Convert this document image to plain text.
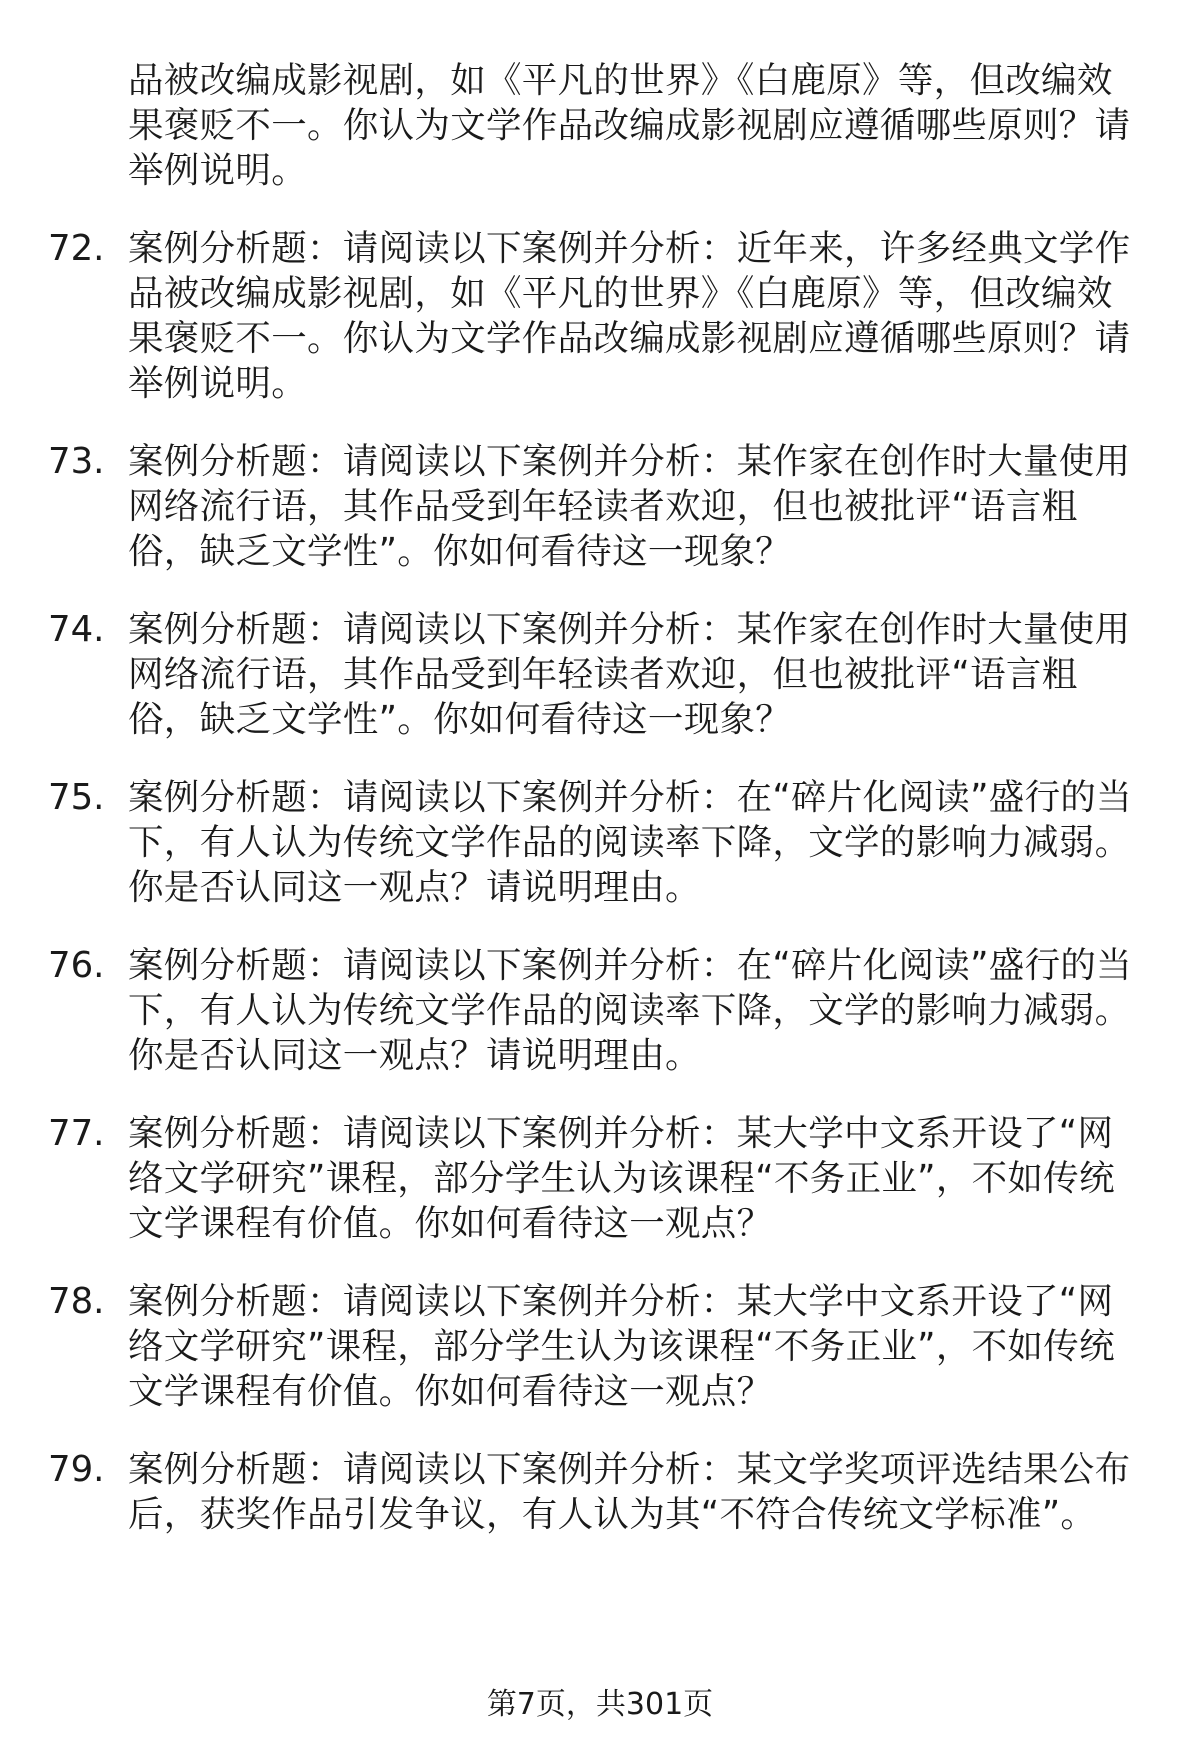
品被改编成影视剧，如《平凡的世界》《白鹿原》等，但改编效果褒贬不一。你认为文学作品改编成影视剧应遵循哪些原则？请举例说明。
72. 案例分析题：请阅读以下案例并分析：近年来，许多经典文学作品被改编成影视剧，如《平凡的世界》《白鹿原》等，但改编效果褒贬不一。你认为文学作品改编成影视剧应遵循哪些原则？请举例说明。
73. 案例分析题：请阅读以下案例并分析：某作家在创作时大量使用网络流行语，其作品受到年轻读者欢迎，但也被批评“语言粗俗，缺乏文学性”。你如何看待这一现象？
74. 案例分析题：请阅读以下案例并分析：某作家在创作时大量使用网络流行语，其作品受到年轻读者欢迎，但也被批评“语言粗俗，缺乏文学性”。你如何看待这一现象？
75. 案例分析题：请阅读以下案例并分析：在“碎片化阅读”盛行的当下，有人认为传统文学作品的阅读率下降，文学的影响力减弱。你是否认同这一观点？请说明理由。
76. 案例分析题：请阅读以下案例并分析：在“碎片化阅读”盛行的当下，有人认为传统文学作品的阅读率下降，文学的影响力减弱。你是否认同这一观点？请说明理由。
77. 案例分析题：请阅读以下案例并分析：某大学中文系开设了“网络文学研究”课程，部分学生认为该课程“不务正业”，不如传统文学课程有价值。你如何看待这一观点？
78. 案例分析题：请阅读以下案例并分析：某大学中文系开设了“网络文学研究”课程，部分学生认为该课程“不务正业”，不如传统文学课程有价值。你如何看待这一观点？
79. 案例分析题：请阅读以下案例并分析：某文学奖项评选结果公布后，获奖作品引发争议，有人认为其“不符合传统文学标准”。
第7页，共301页
